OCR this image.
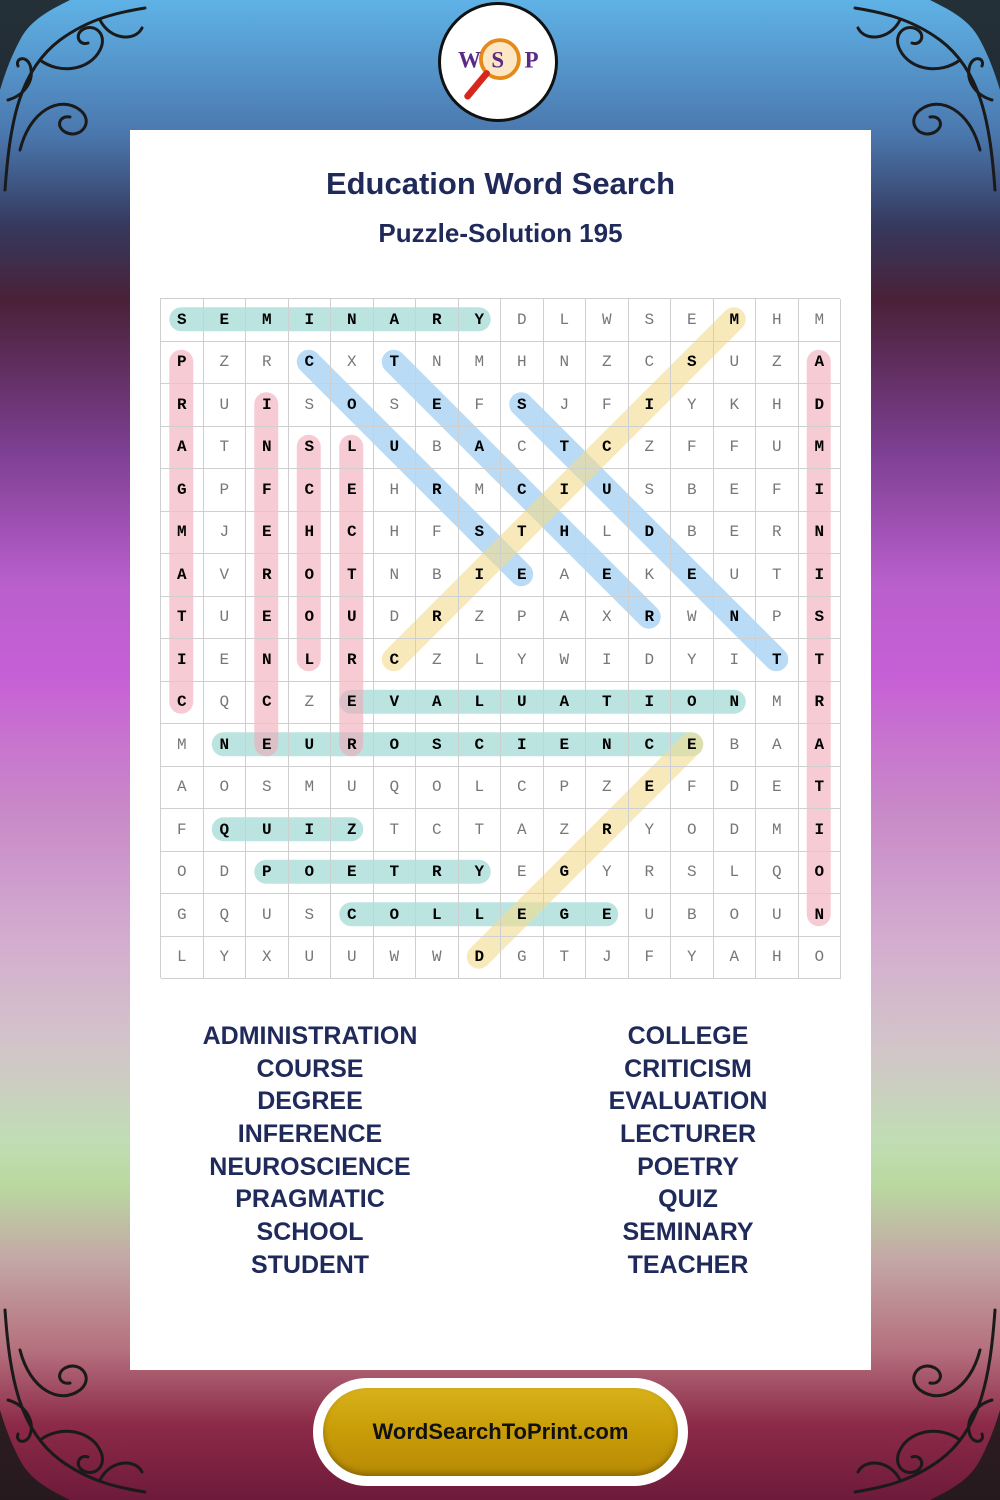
W S P
Education Word Search
Puzzle-Solution 195
S	E	M	I	N	A	R	Y	D	L	W	S	E	M	H	M
P	Z	R	C	X	T	N	M	H	N	Z	C	S	U	Z	A
R	U	I	S	O	S	E	F	S	J	F	I	Y	K	H	D
A	T	N	S	L	U	B	A	C	T	C	Z	F	F	U	M
G	P	F	C	E	H	R	M	C	I	U	S	B	E	F	I
M	J	E	H	C	H	F	S	T	H	L	D	B	E	R	N
A	V	R	O	T	N	B	I	E	A	E	K	E	U	T	I
T	U	E	O	U	D	R	Z	P	A	X	R	W	N	P	S
I	E	N	L	R	C	Z	L	Y	W	I	D	Y	I	T	T
C	Q	C	Z	E	V	A	L	U	A	T	I	O	N	M	R
M	N	E	U	R	O	S	C	I	E	N	C	E	B	A	A
A	O	S	M	U	Q	O	L	C	P	Z	E	F	D	E	T
F	Q	U	I	Z	T	C	T	A	Z	R	Y	O	D	M	I
O	D	P	O	E	T	R	Y	E	G	Y	R	S	L	Q	O
G	Q	U	S	C	O	L	L	E	G	E	U	B	O	U	N
L	Y	X	U	U	W	W	D	G	T	J	F	Y	A	H	O
ADMINISTRATION
COURSE
DEGREE
INFERENCE
NEUROSCIENCE
PRAGMATIC
SCHOOL
STUDENT
COLLEGE
CRITICISM
EVALUATION
LECTURER
POETRY
QUIZ
SEMINARY
TEACHER
WordSearchToPrint.com
